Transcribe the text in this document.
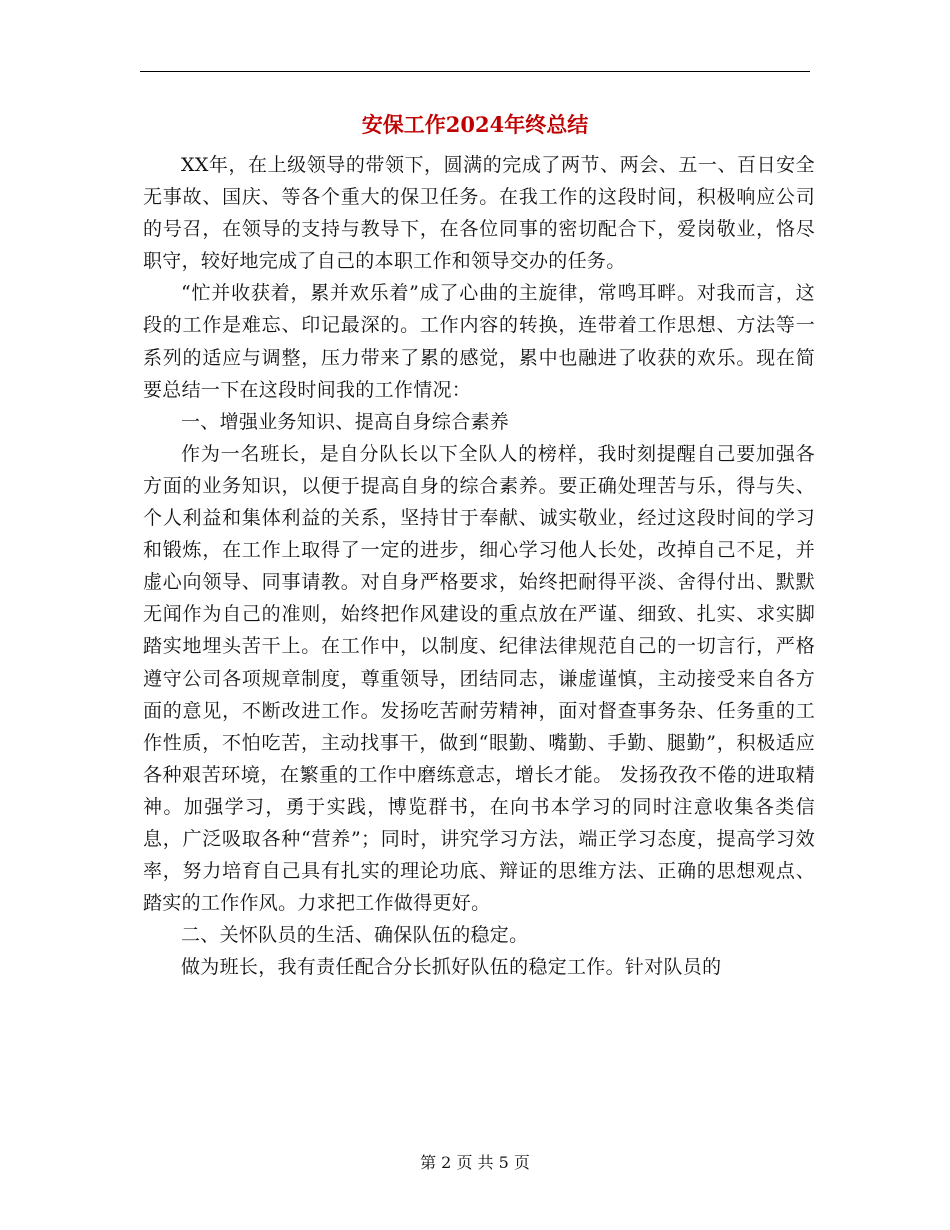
安保工作2024年终总结

XX年，在上级领导的带领下，圆满的完成了两节、两会、五一、百日安全无事故、国庆、等各个重大的保卫任务。在我工作的这段时间，积极响应公司的号召，在领导的支持与教导下，在各位同事的密切配合下，爱岗敬业，恪尽职守，较好地完成了自己的本职工作和领导交办的任务。

“忙并收获着，累并欢乐着”成了心曲的主旋律，常鸣耳畔。对我而言，这段的工作是难忘、印记最深的。工作内容的转换，连带着工作思想、方法等一系列的适应与调整，压力带来了累的感觉，累中也融进了收获的欢乐。现在简要总结一下在这段时间我的工作情况：

一、增强业务知识、提高自身综合素养

作为一名班长，是自分队长以下全队人的榜样，我时刻提醒自己要加强各方面的业务知识，以便于提高自身的综合素养。要正确处理苦与乐，得与失、个人利益和集体利益的关系，坚持甘于奉献、诚实敬业，经过这段时间的学习和锻炼，在工作上取得了一定的进步，细心学习他人长处，改掉自己不足，并虚心向领导、同事请教。对自身严格要求，始终把耐得平淡、舍得付出、默默无闻作为自己的准则，始终把作风建设的重点放在严谨、细致、扎实、求实脚踏实地埋头苦干上。在工作中，以制度、纪律法律规范自己的一切言行，严格遵守公司各项规章制度，尊重领导，团结同志，谦虚谨慎，主动接受来自各方面的意见，不断改进工作。发扬吃苦耐劳精神，面对督查事务杂、任务重的工作性质，不怕吃苦，主动找事干，做到“眼勤、嘴勤、手勤、腿勤”，积极适应各种艰苦环境，在繁重的工作中磨练意志，增长才能。 发扬孜孜不倦的进取精神。加强学习，勇于实践，博览群书，在向书本学习的同时注意收集各类信息，广泛吸取各种“营养”；同时，讲究学习方法，端正学习态度，提高学习效率，努力培育自己具有扎实的理论功底、辩证的思维方法、正确的思想观点、踏实的工作作风。力求把工作做得更好。

二、关怀队员的生活、确保队伍的稳定。

做为班长，我有责任配合分长抓好队伍的稳定工作。针对队员的

第 2 页 共 5 页
